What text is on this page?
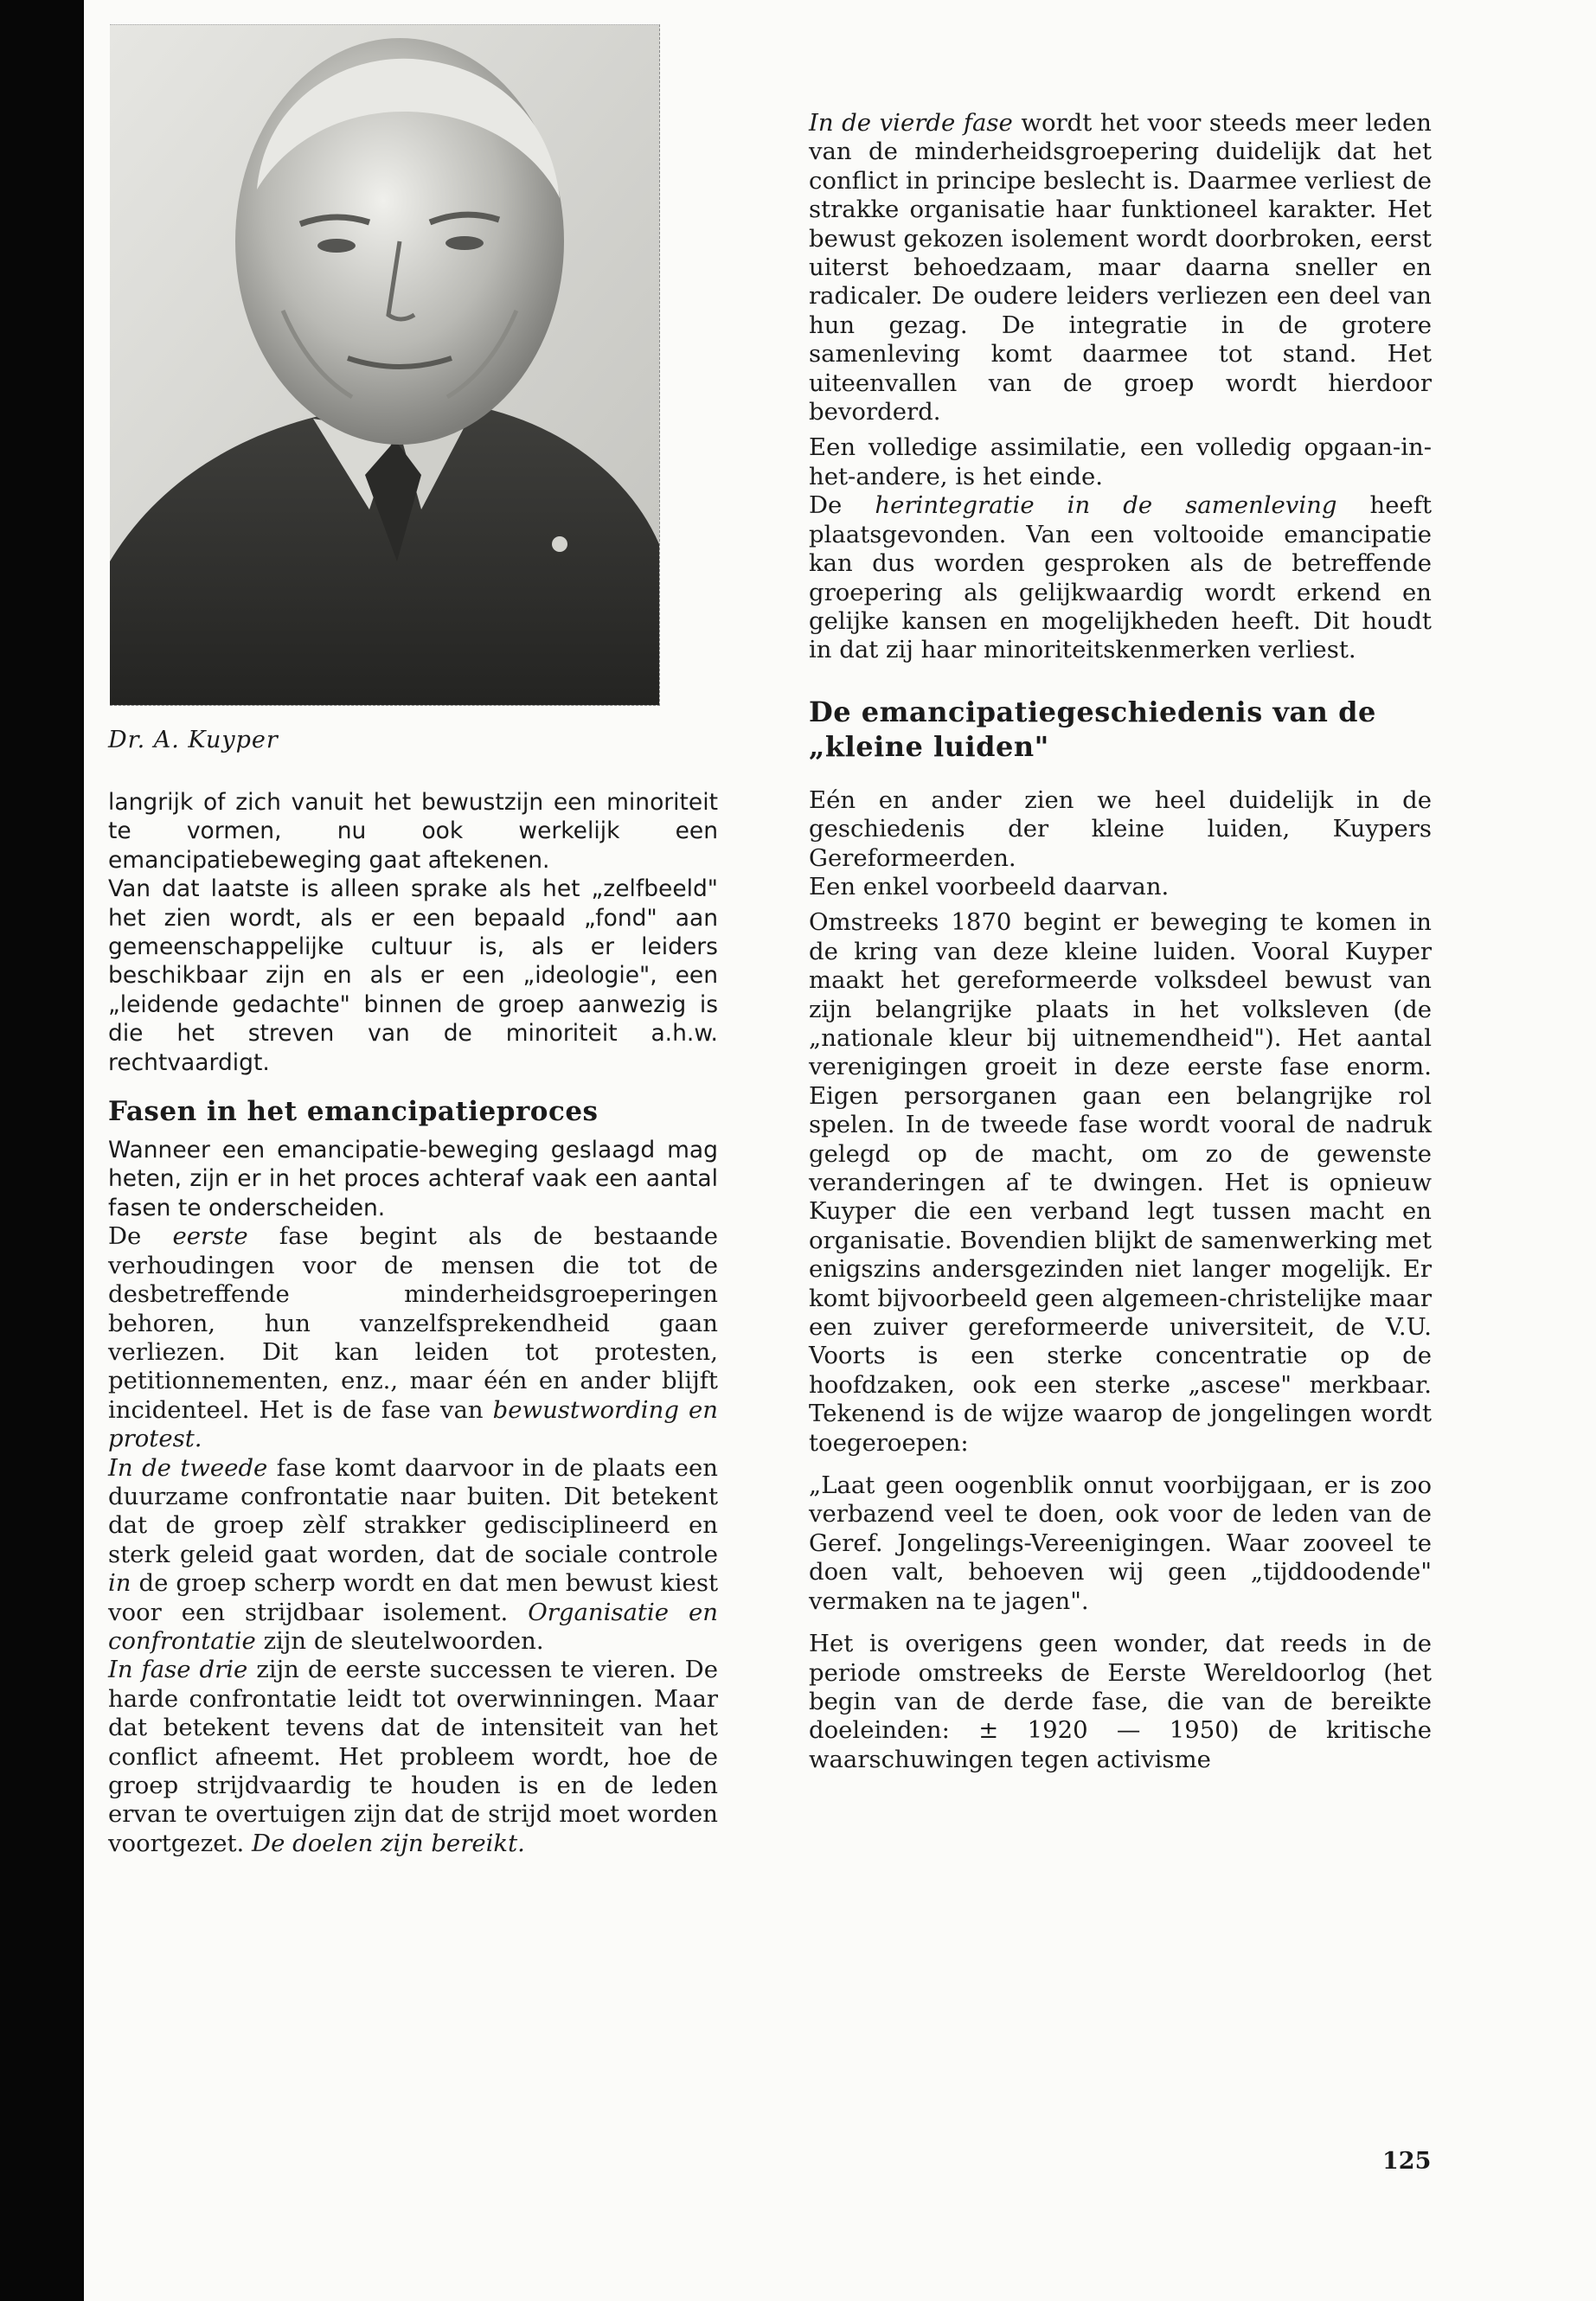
Dr. A. Kuyper

langrijk of zich vanuit het bewustzijn een minoriteit te vormen, nu ook werkelijk een emancipatiebeweging gaat aftekenen.

Van dat laatste is alleen sprake als het „zelfbeeld" het zien wordt, als er een bepaald „fond" aan gemeenschappelijke cultuur is, als er leiders beschikbaar zijn en als er een „ideologie", een „leidende gedachte" binnen de groep aanwezig is die het streven van de minoriteit a.h.w. rechtvaardigt.

Fasen in het emancipatieproces

Wanneer een emancipatie-beweging geslaagd mag heten, zijn er in het proces achteraf vaak een aantal fasen te onderscheiden.

De eerste fase begint als de bestaande verhoudingen voor de mensen die tot de desbetreffende minderheidsgroeperingen behoren, hun vanzelfsprekendheid gaan verliezen. Dit kan leiden tot protesten, petitionnementen, enz., maar één en ander blijft incidenteel. Het is de fase van bewustwording en protest.

In de tweede fase komt daarvoor in de plaats een duurzame confrontatie naar buiten. Dit betekent dat de groep zèlf strakker gedisciplineerd en sterk geleid gaat worden, dat de sociale controle in de groep scherp wordt en dat men bewust kiest voor een strijdbaar isolement. Organisatie en confrontatie zijn de sleutelwoorden.

In fase drie zijn de eerste successen te vieren. De harde confrontatie leidt tot overwinningen. Maar dat betekent tevens dat de intensiteit van het conflict afneemt. Het probleem wordt, hoe de groep strijdvaardig te houden is en de leden ervan te overtuigen zijn dat de strijd moet worden voortgezet. De doelen zijn bereikt.

In de vierde fase wordt het voor steeds meer leden van de minderheidsgroepering duidelijk dat het conflict in principe beslecht is. Daarmee verliest de strakke organisatie haar funktioneel karakter. Het bewust gekozen isolement wordt doorbroken, eerst uiterst behoedzaam, maar daarna sneller en radicaler. De oudere leiders verliezen een deel van hun gezag. De integratie in de grotere samenleving komt daarmee tot stand. Het uiteenvallen van de groep wordt hierdoor bevorderd.

Een volledige assimilatie, een volledig opgaan-in-het-andere, is het einde.

De herintegratie in de samenleving heeft plaatsgevonden. Van een voltooide emancipatie kan dus worden gesproken als de betreffende groepering als gelijkwaardig wordt erkend en gelijke kansen en mogelijkheden heeft. Dit houdt in dat zij haar minoriteitskenmerken verliest.

De emancipatiegeschiedenis van de „kleine luiden"

Eén en ander zien we heel duidelijk in de geschiedenis der kleine luiden, Kuypers Gereformeerden.

Een enkel voorbeeld daarvan.

Omstreeks 1870 begint er beweging te komen in de kring van deze kleine luiden. Vooral Kuyper maakt het gereformeerde volksdeel bewust van zijn belangrijke plaats in het volksleven (de „nationale kleur bij uitnemendheid"). Het aantal verenigingen groeit in deze eerste fase enorm. Eigen persorganen gaan een belangrijke rol spelen. In de tweede fase wordt vooral de nadruk gelegd op de macht, om zo de gewenste veranderingen af te dwingen. Het is opnieuw Kuyper die een verband legt tussen macht en organisatie. Bovendien blijkt de samenwerking met enigszins andersgezinden niet langer mogelijk. Er komt bijvoorbeeld geen algemeen-christelijke maar een zuiver gereformeerde universiteit, de V.U. Voorts is een sterke concentratie op de hoofdzaken, ook een sterke „ascese" merkbaar. Tekenend is de wijze waarop de jongelingen wordt toegeroepen:

„Laat geen oogenblik onnut voorbijgaan, er is zoo verbazend veel te doen, ook voor de leden van de Geref. Jongelings-Vereenigingen. Waar zooveel te doen valt, behoeven wij geen „tijddoodende" vermaken na te jagen".

Het is overigens geen wonder, dat reeds in de periode omstreeks de Eerste Wereldoorlog (het begin van de derde fase, die van de bereikte doeleinden: ± 1920 — 1950) de kritische waarschuwingen tegen activisme

125
